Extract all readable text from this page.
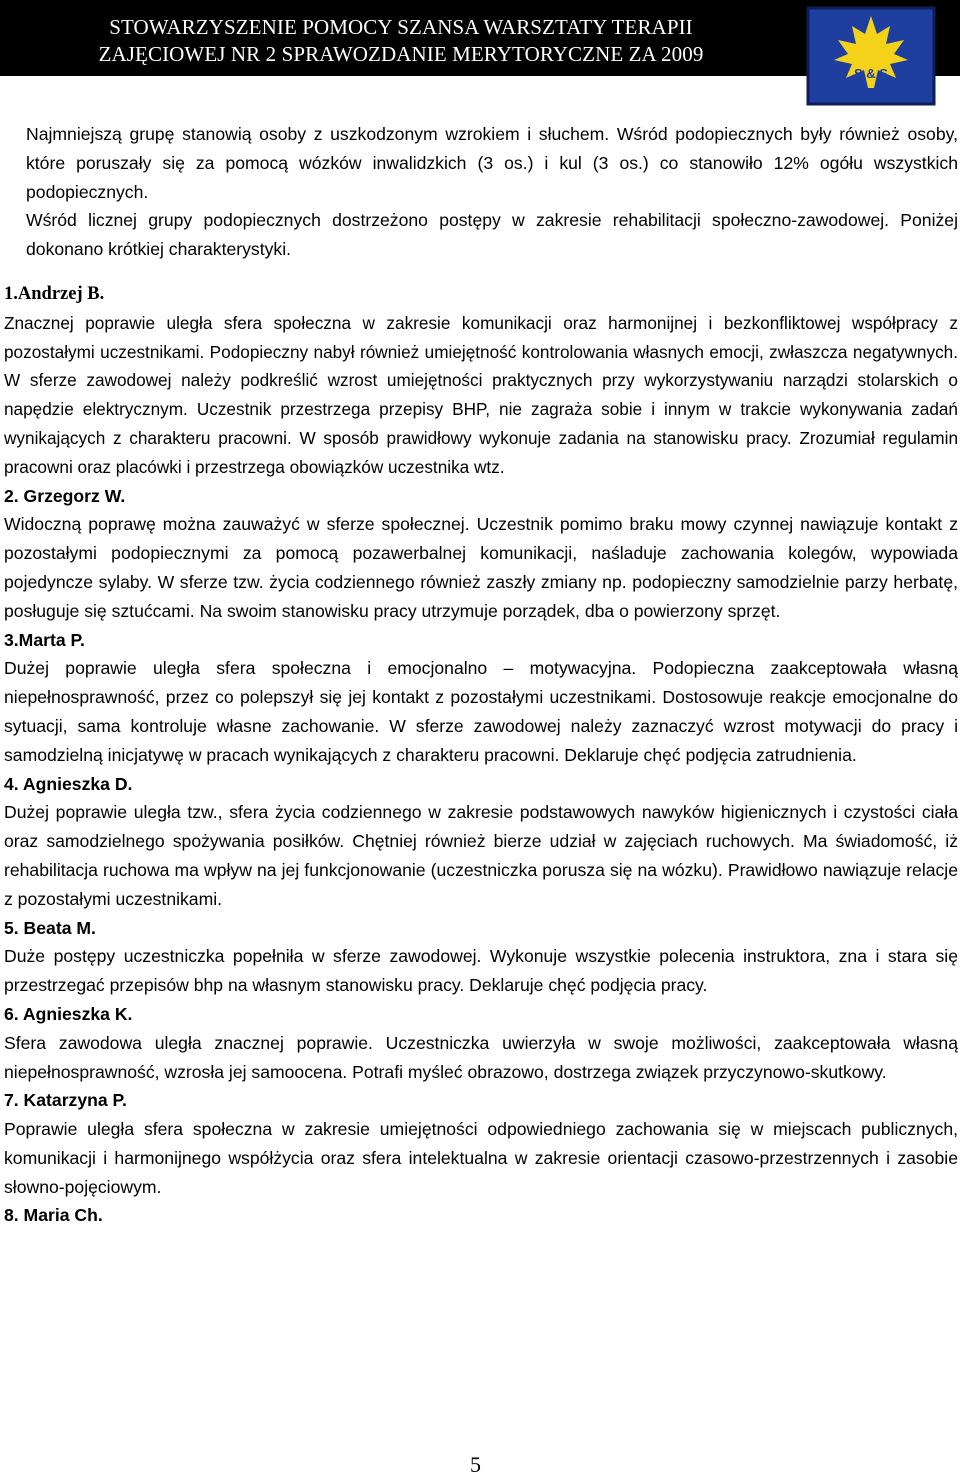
STOWARZYSZENIE POMOCY SZANSA WARSZTATY TERAPII
ZAJĘCIOWEJ NR 2 SPRAWOZDANIE MERYTORYCZNE ZA 2009
S & S

Najmniejszą grupę stanowią osoby z uszkodzonym wzrokiem i słuchem. Wśród podopiecznych były również osoby, które poruszały się za pomocą wózków inwalidzkich (3 os.) i kul (3 os.) co stanowiło 12% ogółu wszystkich podopiecznych.

Wśród licznej grupy podopiecznych dostrzeżono postępy w zakresie rehabilitacji społeczno-zawodowej. Poniżej dokonano krótkiej charakterystyki.

1.Andrzej B.

Znacznej poprawie uległa sfera społeczna w zakresie komunikacji oraz harmonijnej i bezkonfliktowej współpracy z pozostałymi uczestnikami. Podopieczny nabył również umiejętność kontrolowania własnych emocji, zwłaszcza negatywnych. W sferze zawodowej należy podkreślić wzrost umiejętności praktycznych przy wykorzystywaniu narządzi stolarskich o napędzie elektrycznym. Uczestnik przestrzega przepisy BHP, nie zagraża sobie i innym w trakcie wykonywania zadań wynikających z charakteru pracowni. W sposób prawidłowy wykonuje zadania na stanowisku pracy. Zrozumiał regulamin pracowni oraz placówki i przestrzega obowiązków uczestnika wtz.

2. Grzegorz W.

Widoczną poprawę można zauważyć w sferze społecznej. Uczestnik pomimo braku mowy czynnej nawiązuje kontakt z pozostałymi podopiecznymi za pomocą pozawerbalnej komunikacji, naśladuje zachowania kolegów, wypowiada pojedyncze sylaby. W sferze tzw. życia codziennego również zaszły zmiany np. podopieczny samodzielnie parzy herbatę, posługuje się sztućcami. Na swoim stanowisku pracy utrzymuje porządek, dba o powierzony sprzęt.

3.Marta P.

Dużej poprawie uległa sfera społeczna i emocjonalno – motywacyjna. Podopieczna zaakceptowała własną niepełnosprawność, przez co polepszył się jej kontakt z pozostałymi uczestnikami. Dostosowuje reakcje emocjonalne do sytuacji, sama kontroluje własne zachowanie. W sferze zawodowej należy zaznaczyć wzrost motywacji do pracy i samodzielną inicjatywę w pracach wynikających z charakteru pracowni. Deklaruje chęć podjęcia zatrudnienia.

4. Agnieszka D.

Dużej poprawie uległa tzw., sfera życia codziennego w zakresie podstawowych nawyków higienicznych i czystości ciała oraz samodzielnego spożywania posiłków. Chętniej również bierze udział w zajęciach ruchowych. Ma świadomość, iż rehabilitacja ruchowa ma wpływ na jej funkcjonowanie (uczestniczka porusza się na wózku). Prawidłowo nawiązuje relacje z pozostałymi uczestnikami.

5. Beata M.

Duże postępy uczestniczka popełniła w sferze zawodowej. Wykonuje wszystkie polecenia instruktora, zna i stara się przestrzegać przepisów bhp na własnym stanowisku pracy. Deklaruje chęć podjęcia pracy.

6. Agnieszka K.

Sfera zawodowa uległa znacznej poprawie. Uczestniczka uwierzyła w swoje możliwości, zaakceptowała własną niepełnosprawność, wzrosła jej samoocena. Potrafi myśleć obrazowo, dostrzega związek przyczynowo-skutkowy.

7. Katarzyna P.

Poprawie uległa sfera społeczna w zakresie umiejętności odpowiedniego zachowania się w miejscach publicznych, komunikacji i harmonijnego współżycia oraz sfera intelektualna w zakresie orientacji czasowo-przestrzennych i zasobie słowno-pojęciowym.

8. Maria Ch.

5
